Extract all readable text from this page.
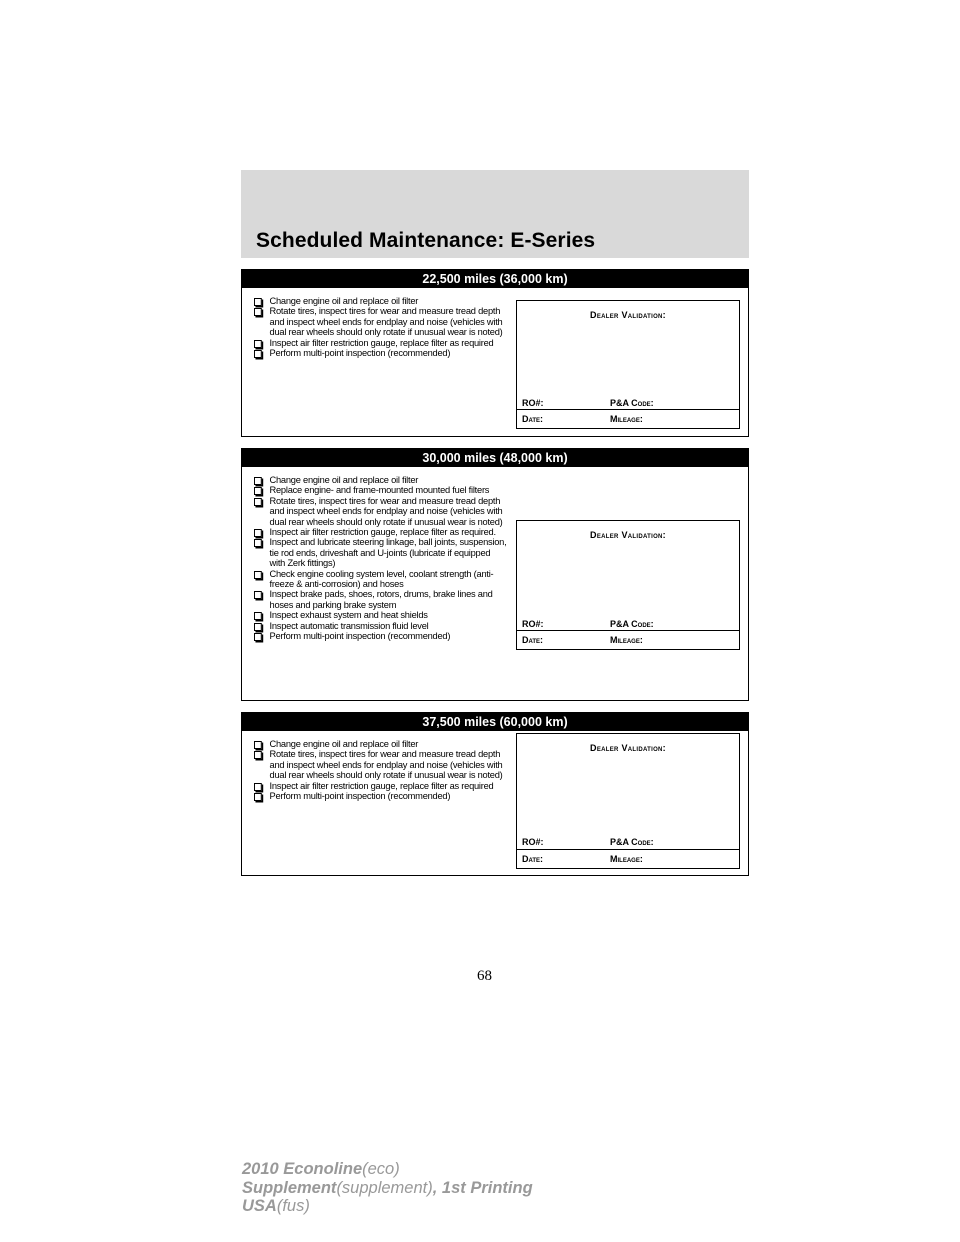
Scheduled Maintenance: E-Series
22,500 miles (36,000 km)
Change engine oil and replace oil filter
Rotate tires, inspect tires for wear and measure tread depth
and inspect wheel ends for endplay and noise (vehicles with
dual rear wheels should only rotate if unusual wear is noted)
Inspect air filter restriction gauge, replace filter as required
Perform multi-point inspection (recommended)
Dealer Validation:
RO#:	P&A Code:
Date:	Mileage:
30,000 miles (48,000 km)
Change engine oil and replace oil filter
Replace engine- and frame-mounted mounted fuel filters
Rotate tires, inspect tires for wear and measure tread depth
and inspect wheel ends for endplay and noise (vehicles with
dual rear wheels should only rotate if unusual wear is noted)
Inspect air filter restriction gauge, replace filter as required.
Inspect and lubricate steering linkage, ball joints, suspension,
tie rod ends, driveshaft and U-joints (lubricate if equipped
with Zerk fittings)
Check engine cooling system level, coolant strength (anti-
freeze & anti-corrosion) and hoses
Inspect brake pads, shoes, rotors, drums, brake lines and
hoses and parking brake system
Inspect exhaust system and heat shields
Inspect automatic transmission fluid level
Perform multi-point inspection (recommended)
Dealer Validation:
RO#:	P&A Code:
Date:	Mileage:
37,500 miles (60,000 km)
Change engine oil and replace oil filter
Rotate tires, inspect tires for wear and measure tread depth
and inspect wheel ends for endplay and noise (vehicles with
dual rear wheels should only rotate if unusual wear is noted)
Inspect air filter restriction gauge, replace filter as required
Perform multi-point inspection (recommended)
Dealer Validation:
RO#:	P&A Code:
Date:	Mileage:
68
2010 Econoline(eco)
Supplement(supplement), 1st Printing
USA(fus)
